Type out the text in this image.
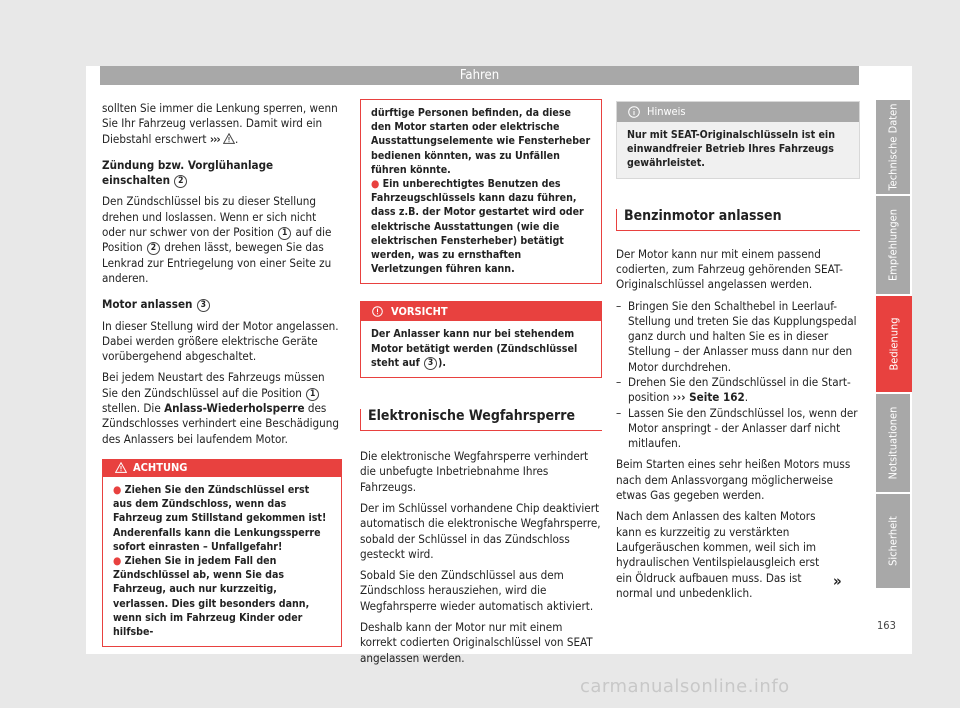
Fahren

sollten Sie immer die Lenkung sperren, wenn Sie Ihr Fahrzeug verlassen. Damit wird ein Diebstahl erschwert ››› .

Zündung bzw. Vorglühanlage einschalten 2

Den Zündschlüssel bis zu dieser Stellung drehen und loslassen. Wenn er sich nicht oder nur schwer von der Position 1 auf die Position 2 drehen lässt, bewegen Sie das Lenkrad zur Entriegelung von einer Seite zu anderen.

Motor anlassen 3

In dieser Stellung wird der Motor angelassen. Dabei werden größere elektrische Geräte vorübergehend abgeschaltet.

Bei jedem Neustart des Fahrzeugs müssen Sie den Zündschlüssel auf die Position 1 stellen. Die Anlass-Wiederholsperre des Zündschlosses verhindert eine Beschädigung des Anlassers bei laufendem Motor.

ACHTUNG
● Ziehen Sie den Zündschlüssel erst aus dem Zündschloss, wenn das Fahrzeug zum Stillstand gekommen ist! Anderenfalls kann die Lenkungssperre sofort einrasten – Unfallgefahr!
● Ziehen Sie in jedem Fall den Zündschlüssel ab, wenn Sie das Fahrzeug, auch nur kurzzeitig, verlassen. Dies gilt besonders dann, wenn sich im Fahrzeug Kinder oder hilfsbe-
dürftige Personen befinden, da diese den Motor starten oder elektrische Ausstattungselemente wie Fensterheber bedienen könnten, was zu Unfällen führen könnte.
● Ein unberechtigtes Benutzen des Fahrzeugschlüssels kann dazu führen, dass z.B. der Motor gestartet wird oder elektrische Ausstattungen (wie die elektrischen Fensterheber) betätigt werden, was zu ernsthaften Verletzungen führen kann.
VORSICHT
Der Anlasser kann nur bei stehendem Motor betätigt werden (Zündschlüssel steht auf 3 ).
Elektronische Wegfahrsperre

Die elektronische Wegfahrsperre verhindert die unbefugte Inbetriebnahme Ihres Fahrzeugs.

Der im Schlüssel vorhandene Chip deaktiviert automatisch die elektronische Wegfahrsperre, sobald der Schlüssel in das Zündschloss gesteckt wird.

Sobald Sie den Zündschlüssel aus dem Zündschloss herausziehen, wird die Wegfahrsperre wieder automatisch aktiviert.

Deshalb kann der Motor nur mit einem korrekt codierten Originalschlüssel von SEAT angelassen werden.

Hinweis
Nur mit SEAT-Originalschlüsseln ist ein einwandfreier Betrieb Ihres Fahrzeugs gewährleistet.
Benzinmotor anlassen

Der Motor kann nur mit einem passend codierten, zum Fahrzeug gehörenden SEAT-Originalschlüssel angelassen werden.

– Bringen Sie den Schalthebel in Leerlauf-Stellung und treten Sie das Kupplungspedal ganz durch und halten Sie es in dieser Stellung – der Anlasser muss dann nur den Motor durchdrehen.
– Drehen Sie den Zündschlüssel in die Start-position ››› Seite 162.
– Lassen Sie den Zündschlüssel los, wenn der Motor anspringt - der Anlasser darf nicht mitlaufen.

Beim Starten eines sehr heißen Motors muss nach dem Anlassvorgang möglicherweise etwas Gas gegeben werden.

Nach dem Anlassen des kalten Motors kann es kurzzeitig zu verstärkten Laufgeräuschen kommen, weil sich im hydraulischen Ventilspielausgleich erst ein Öldruck aufbauen muss. Das ist normal und unbedenklich.

»
Technische Daten
Empfehlungen
Bedienung
Notsituationen
Sicherheit
163
carmanualsonline.info
